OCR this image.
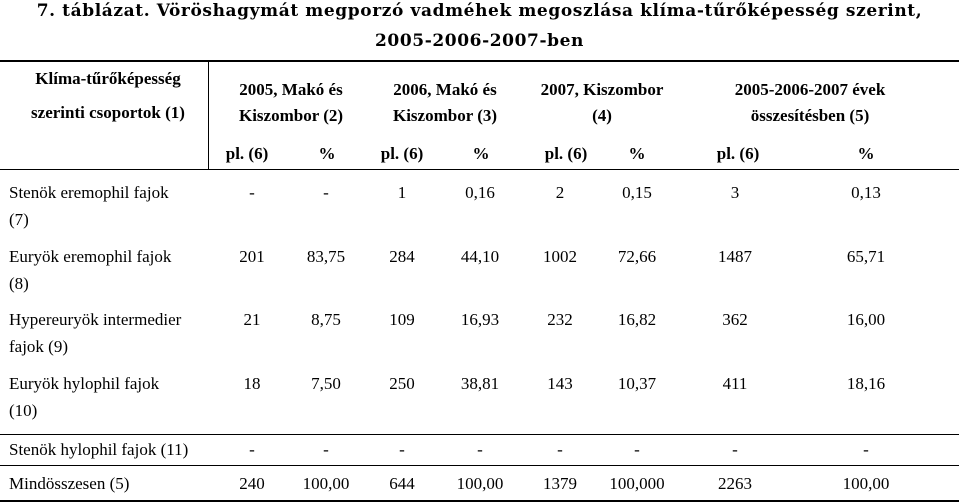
7. táblázat. Vöröshagymát megporzó vadméhek megoszlása klíma-tűrőképesség szerint,
2005-2006-2007-ben
Klíma-tűrőképesség
szerinti csoportok (1)
2005, Makó és
Kiszombor (2)
2006, Makó és
Kiszombor (3)
2007, Kiszombor
(4)
2005-2006-2007 évek
összesítésben (5)
pl. (6)	%	pl. (6)	%	pl. (6) %	pl. (6)	%
Stenök eremophil fajok
(7)
-	-	1	0,16	2	0,15	3	0,13
Euryök eremophil fajok
(8)
201 83,75	284	44,10	1002 72,66	1487	65,71
Hypereuryök intermedier
fajok (9)
21	8,75	109	16,93	232	16,82	362	16,00
Euryök hylophil fajok
(10)
18	7,50	250	38,81	143	10,37	411	18,16
Stenök hylophil fajok (11)	-	-	-	-	-	-	-	-
Mindösszesen (5)	240 100,00 644 100,00 1379 100,000	2263	100,00
